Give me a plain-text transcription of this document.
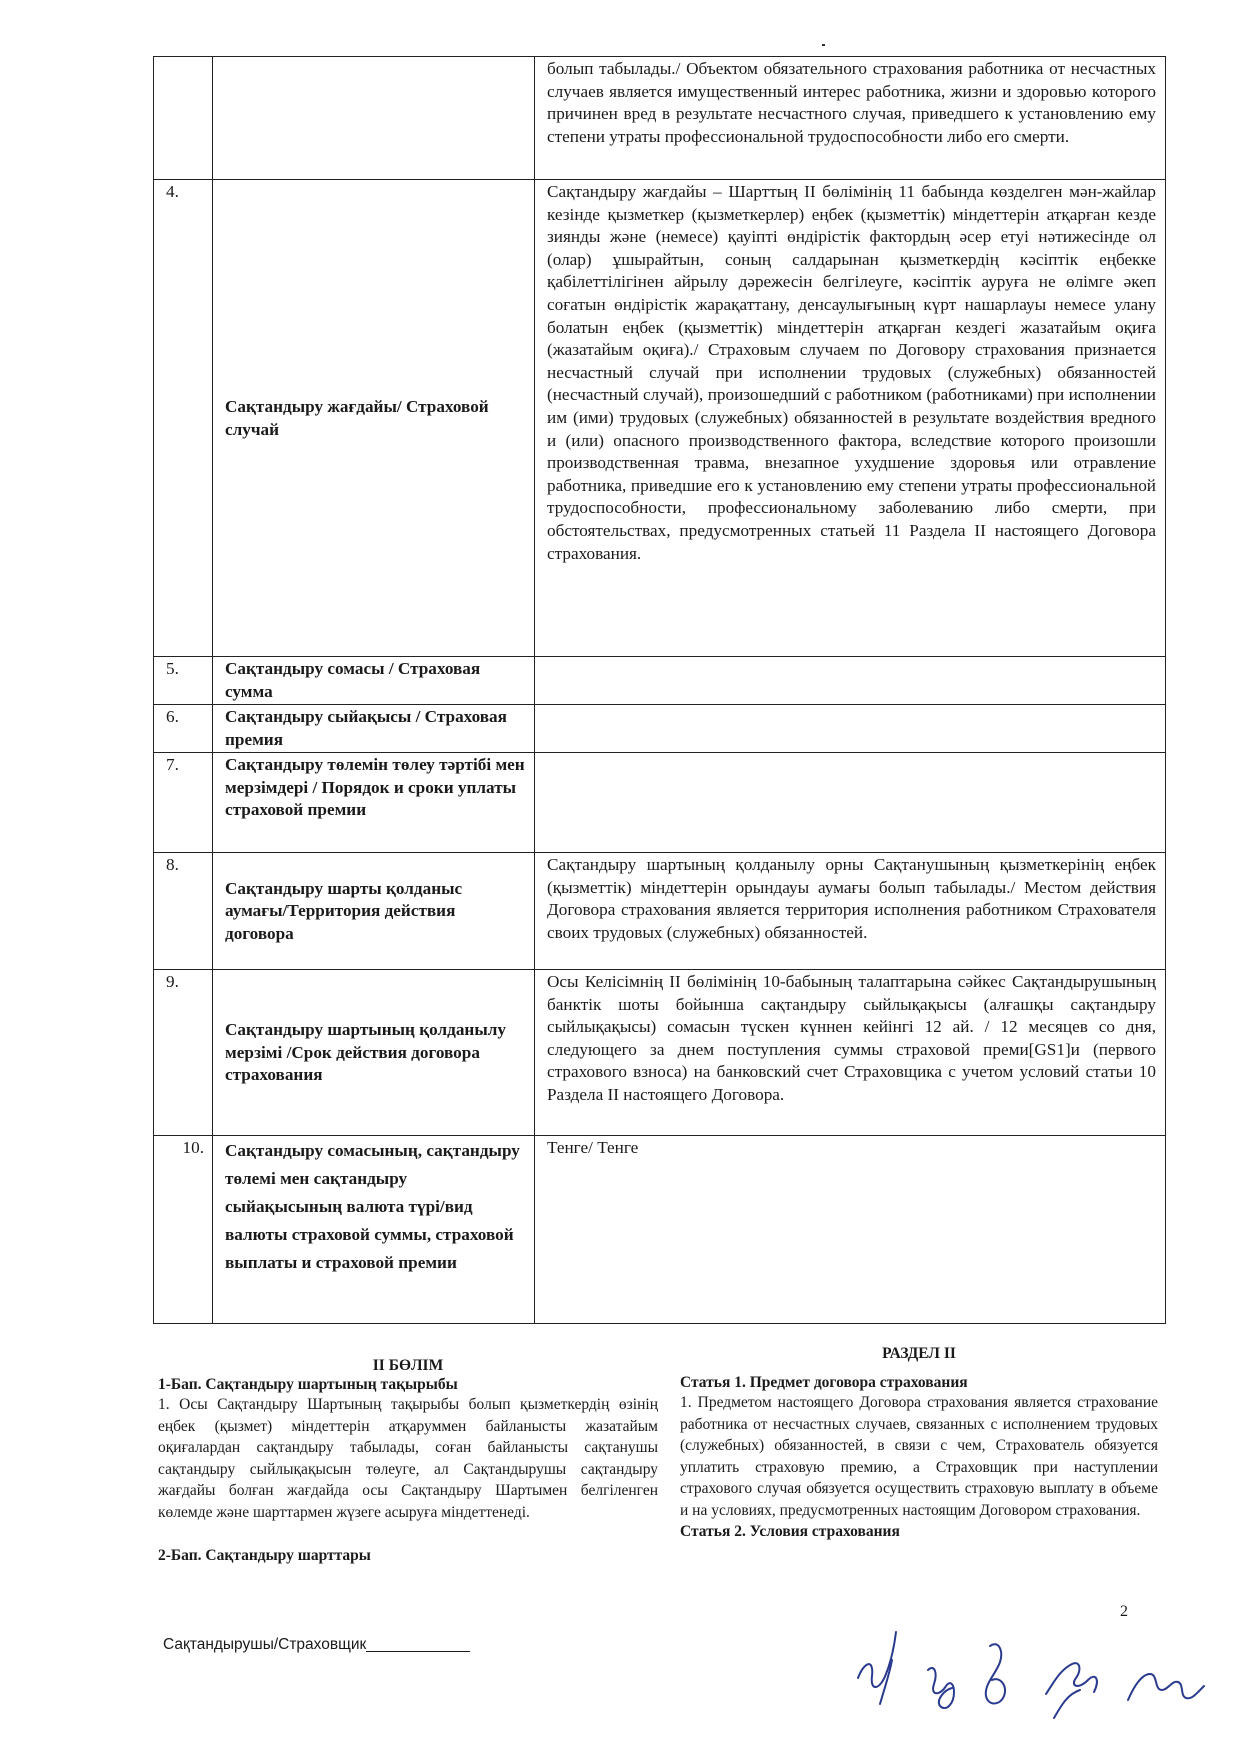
		болып табылады./ Объектом обязательного страхования работника от несчастных случаев является имущественный интерес работника, жизни и здоровью которого причинен вред в результате несчастного случая, приведшего к установлению ему степени утраты профессиональной трудоспособности либо его смерти.
4.	Сақтандыру жағдайы/ Страховой случай	Сақтандыру жағдайы – Шарттың II бөлімінің 11 бабында көзделген мән-жайлар кезінде қызметкер (қызметкерлер) еңбек (қызметтік) міндеттерін атқарған кезде зиянды және (немесе) қауіпті өндірістік фактордың әсер етуі нәтижесінде ол (олар) ұшырайтын, соның салдарынан қызметкердің кәсіптік еңбекке қабілеттілігінен айрылу дәрежесін белгілеуге, кәсіптік ауруға не өлімге әкеп соғатын өндірістік жарақаттану, денсаулығының күрт нашарлауы немесе улану болатын еңбек (қызметтік) міндеттерін атқарған кездегі жазатайым оқиға (жазатайым оқиға)./ Страховым случаем по Договору страхования признается несчастный случай при исполнении трудовых (служебных) обязанностей (несчастный случай), произошедший с работником (работниками) при исполнении им (ими) трудовых (служебных) обязанностей в результате воздействия вредного и (или) опасного производственного фактора, вследствие которого произошли производственная травма, внезапное ухудшение здоровья или отравление работника, приведшие его к установлению ему степени утраты профессиональной трудоспособности, профессиональному заболеванию либо смерти, при обстоятельствах, предусмотренных статьей 11 Раздела II настоящего Договора страхования.
5.	Сақтандыру сомасы / Страховая сумма	
6.	Сақтандыру сыйақысы / Страховая премия	
7.	Сақтандыру төлемін төлеу тәртібі мен мерзімдері / Порядок и сроки уплаты страховой премии	
8.	Сақтандыру шарты қолданыс аумағы/Территория действия договора	Сақтандыру шартының қолданылу орны Сақтанушының қызметкерінің еңбек (қызметтік) міндеттерін орындауы аумағы болып табылады./ Местом действия Договора страхования является территория исполнения работником Страхователя своих трудовых (служебных) обязанностей.
9.	Сақтандыру шартының қолданылу мерзімі /Срок действия договора страхования	Осы Келісімнің II бөлімінің 10-бабының талаптарына сәйкес Сақтандырушының банктік шоты бойынша сақтандыру сыйлықақысы (алғашқы сақтандыру сыйлықақысы) сомасын түскен күннен кейінгі 12 ай. / 12 месяцев со дня, следующего за днем поступления суммы страховой преми[GS1]и (первого страхового взноса) на банковский счет Страховщика с учетом условий статьи 10 Раздела II настоящего Договора.
10.	Сақтандыру сомасының, сақтандыру төлемі мен сақтандыру сыйақысының валюта түрі/вид валюты страховой суммы, страховой выплаты и страховой премии	Тенге/ Тенге
II БӨЛІМ
1-Бап. Сақтандыру шартының тақырыбы
1. Осы Сақтандыру Шартының тақырыбы болып қызметкердің өзінің еңбек (қызмет) міндеттерін атқаруммен байланысты жазатайым оқиғалардан сақтандыру табылады, соған байланысты сақтанушы сақтандыру сыйлықақысын төлеуге, ал Сақтандырушы сақтандыру жағдайы болған жағдайда осы Сақтандыру Шартымен белгіленген көлемде және шарттармен жүзеге асыруға міндеттенеді.
2-Бап. Сақтандыру шарттары
РАЗДЕЛ II
Статья 1. Предмет договора страхования
1. Предметом настоящего Договора страхования является страхование работника от несчастных случаев, связанных с исполнением трудовых (служебных) обязанностей, в связи с чем, Страхователь обязуется уплатить страховую премию, а Страховщик при наступлении страхового случая обязуется осуществить страховую выплату в объеме и на условиях, предусмотренных настоящим Договором страхования.
Статья 2. Условия страхования
Сақтандырушы/Страховщик____________
2
